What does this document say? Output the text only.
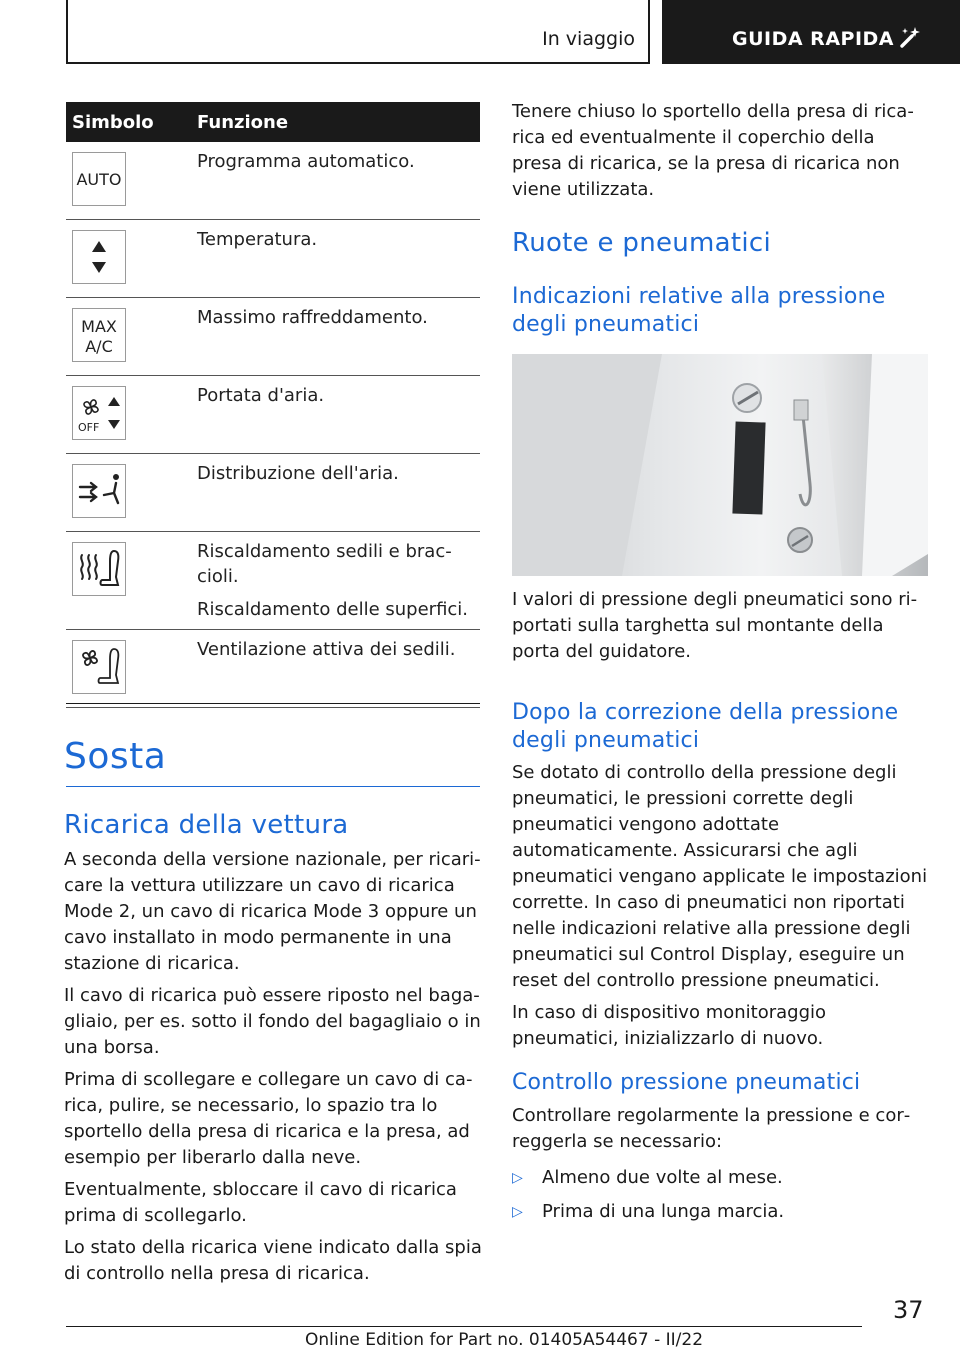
In viaggio	GUIDA RAPIDA
Simbolo Funzione
AUTO

Programma automatico.

Temperatura.

MAX
A/C

Massimo raffreddamento.

OFF

Portata d'aria.

Distribuzione dell'aria.

Riscaldamento sedili e braccioli.

Riscaldamento delle superfici.

Ventilazione attiva dei sedili.

Sosta
Ricarica della vettura

A seconda della versione nazionale, per ricaricare la vettura utilizzare un cavo di ricarica Mode 2, un cavo di ricarica Mode 3 oppure un cavo installato in modo permanente in una stazione di ricarica.

Il cavo di ricarica può essere riposto nel bagagliaio, per es. sotto il fondo del bagagliaio o in una borsa.

Prima di scollegare e collegare un cavo di carica, pulire, se necessario, lo spazio tra lo sportello della presa di ricarica e la presa, ad esempio per liberarlo dalla neve.

Eventualmente, sbloccare il cavo di ricarica prima di scollegarlo.

Lo stato della ricarica viene indicato dalla spia di controllo nella presa di ricarica.

Tenere chiuso lo sportello della presa di ricarica ed eventualmente il coperchio della presa di ricarica, se la presa di ricarica non viene utilizzata.

Ruote e pneumatici
Indicazioni relative alla pressione degli pneumatici

I valori di pressione degli pneumatici sono riportati sulla targhetta sul montante della porta del guidatore.

Dopo la correzione della pressione degli pneumatici

Se dotato di controllo della pressione degli pneumatici, le pressioni corrette degli pneumatici vengono adottate automaticamente. Assicurarsi che agli pneumatici vengano applicate le impostazioni corrette. In caso di pneumatici non riportati nelle indicazioni relative alla pressione degli pneumatici sul Control Display, eseguire un reset del controllo pressione pneumatici.

In caso di dispositivo monitoraggio pneumatici, inizializzarlo di nuovo.

Controllo pressione pneumatici

Controllare regolarmente la pressione e correggerla se necessario:

▷ Almeno due volte al mese.
▷ Prima di una lunga marcia.
37
Online Edition for Part no. 01405A54467 - II/22
